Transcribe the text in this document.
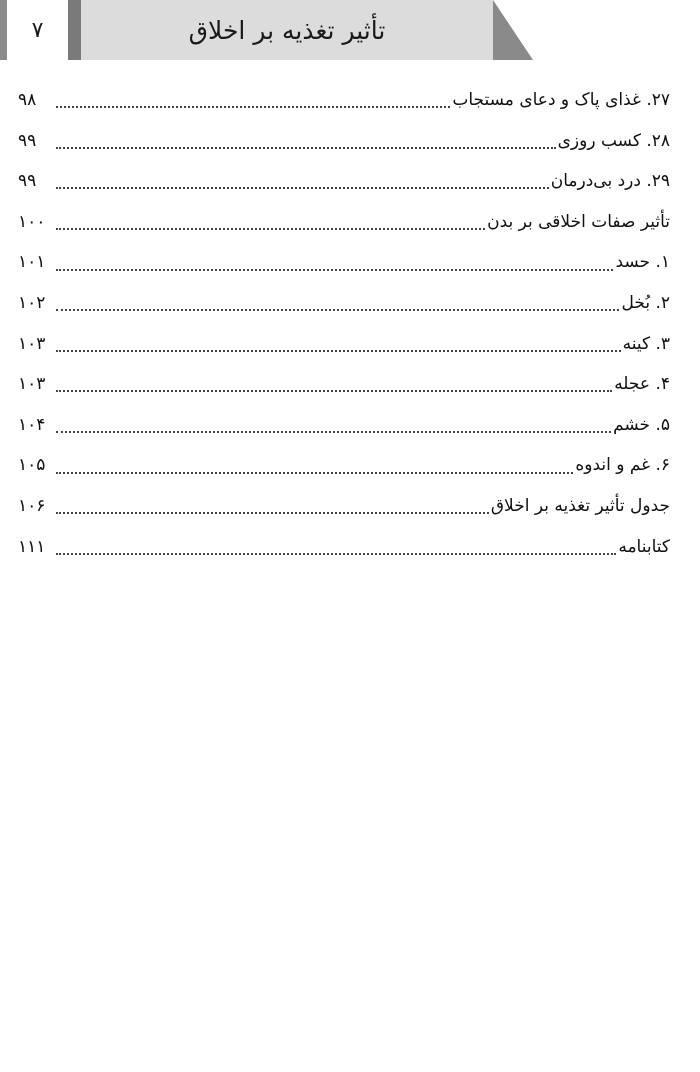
۷	تأثیر تغذیه بر اخلاق
۲۷. غذای پاک و دعای مستجاب
۹۸
۲۸. کسب روزی
۹۹
۲۹. درد بی‌درمان
۹۹
تأثیر صفات اخلاقی بر بدن
۱۰۰
۱. حسد
۱۰۱
۲. بُخل
۱۰۲
۳. کینه
۱۰۳
۴. عجله
۱۰۳
۵. خشم
۱۰۴
۶. غم و اندوه
۱۰۵
جدول تأثیر تغذیه بر اخلاق
۱۰۶
کتابنامه
۱۱۱
